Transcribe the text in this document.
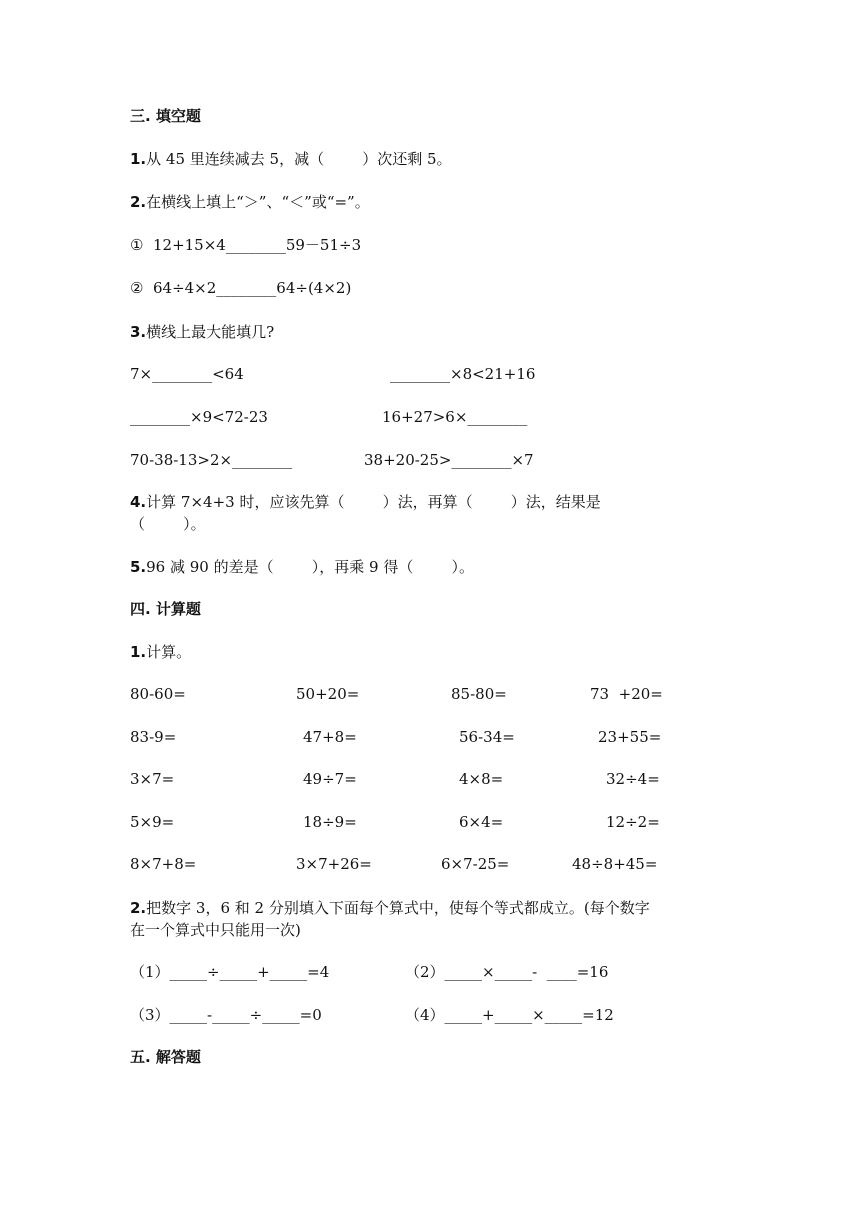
三. 填空题
1.从 45 里连续减去 5，减（        ）次还剩 5。
2.在横线上填上“＞”、“＜”或“=”。
①  12+15×4________59－51÷3
②  64÷4×2________64÷(4×2)
3.横线上最大能填几?
7×________<64	________×8<21+16
________×9<72-23	16+27>6×________
70-38-13>2×________	38+20-25>________×7
4.计算 7×4+3 时，应该先算（        ）法，再算（        ）法，结果是
（        ）。
5.96 减 90 的差是（        ），再乘 9 得（        ）。
四. 计算题
1.计算。
80-60=	50+20=	85-80=	73  +20=
83-9=	47+8=	56-34=	23+55=
3×7=	49÷7=	4×8=	32÷4=
5×9=	18÷9=	6×4=	12÷2=
8×7+8=	3×7+26=	6×7-25=	48÷8+45=
2.把数字 3，6 和 2 分别填入下面每个算式中，使每个等式都成立。(每个数字
在一个算式中只能用一次)
（1）_____÷_____+_____=4	（2）_____×_____-  ____=16
（3）_____-_____÷_____=0	（4）_____+_____×_____=12
五. 解答题
